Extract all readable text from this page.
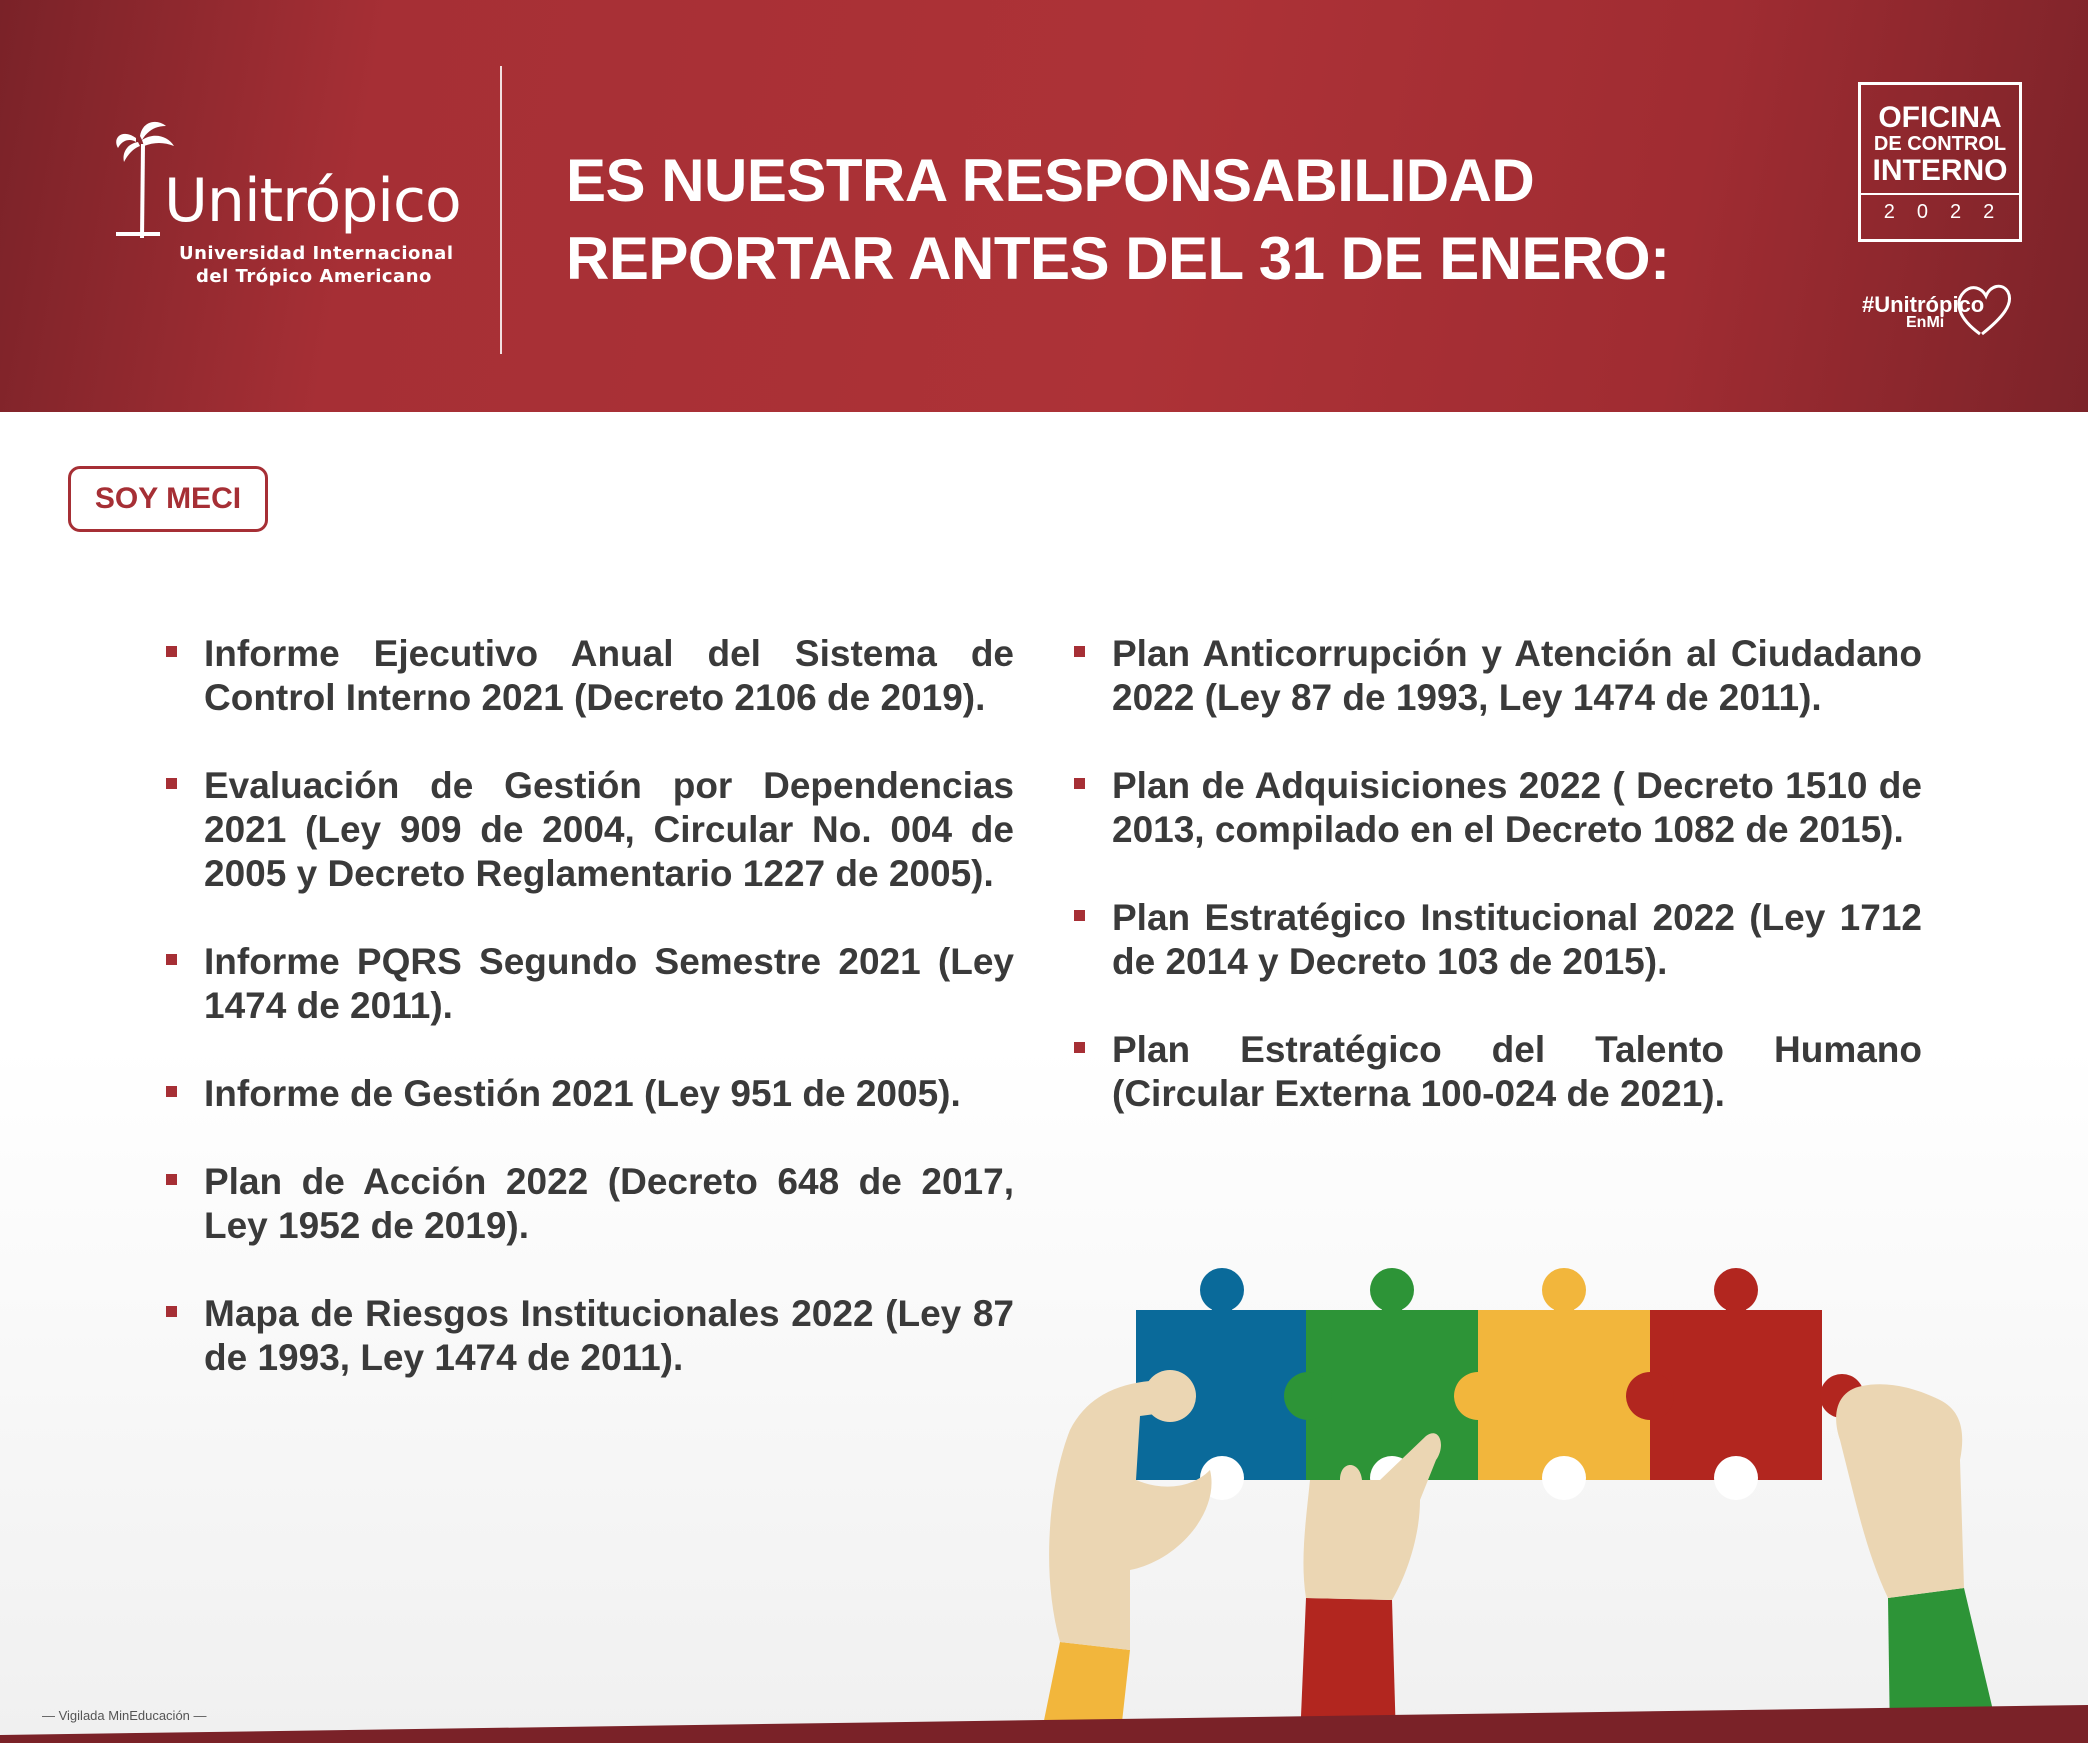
Unitrópico
Universidad Internacional
del Trópico Americano
ES NUESTRA RESPONSABILIDAD
REPORTAR ANTES DEL 31 DE ENERO:
OFICINA
DE CONTROL
INTERNO
2022
#Unitrópico
EnMi
SOY MECI
Informe Ejecutivo Anual del Sistema de Control Interno 2021 (Decreto 2106 de 2019).
Evaluación de Gestión por Dependencias 2021 (Ley 909 de 2004, Circular No. 004 de 2005 y Decreto Reglamentario 1227 de 2005).
Informe PQRS Segundo Semestre 2021 (Ley 1474 de 2011).
Informe de Gestión 2021 (Ley 951 de 2005).
Plan de Acción 2022 (Decreto 648 de 2017, Ley 1952 de 2019).
Mapa de Riesgos Institucionales 2022 (Ley 87 de 1993, Ley 1474 de 2011).
Plan Anticorrupción y Atención al Ciudadano 2022 (Ley 87 de 1993, Ley 1474 de 2011).
Plan de Adquisiciones 2022 ( Decreto 1510 de 2013, compilado en el Decreto 1082 de 2015).
Plan Estratégico Institucional 2022 (Ley 1712 de 2014 y Decreto 103 de 2015).
Plan Estratégico del Talento Humano (Circular Externa 100-024 de 2021).
— Vigilada MinEducación —
